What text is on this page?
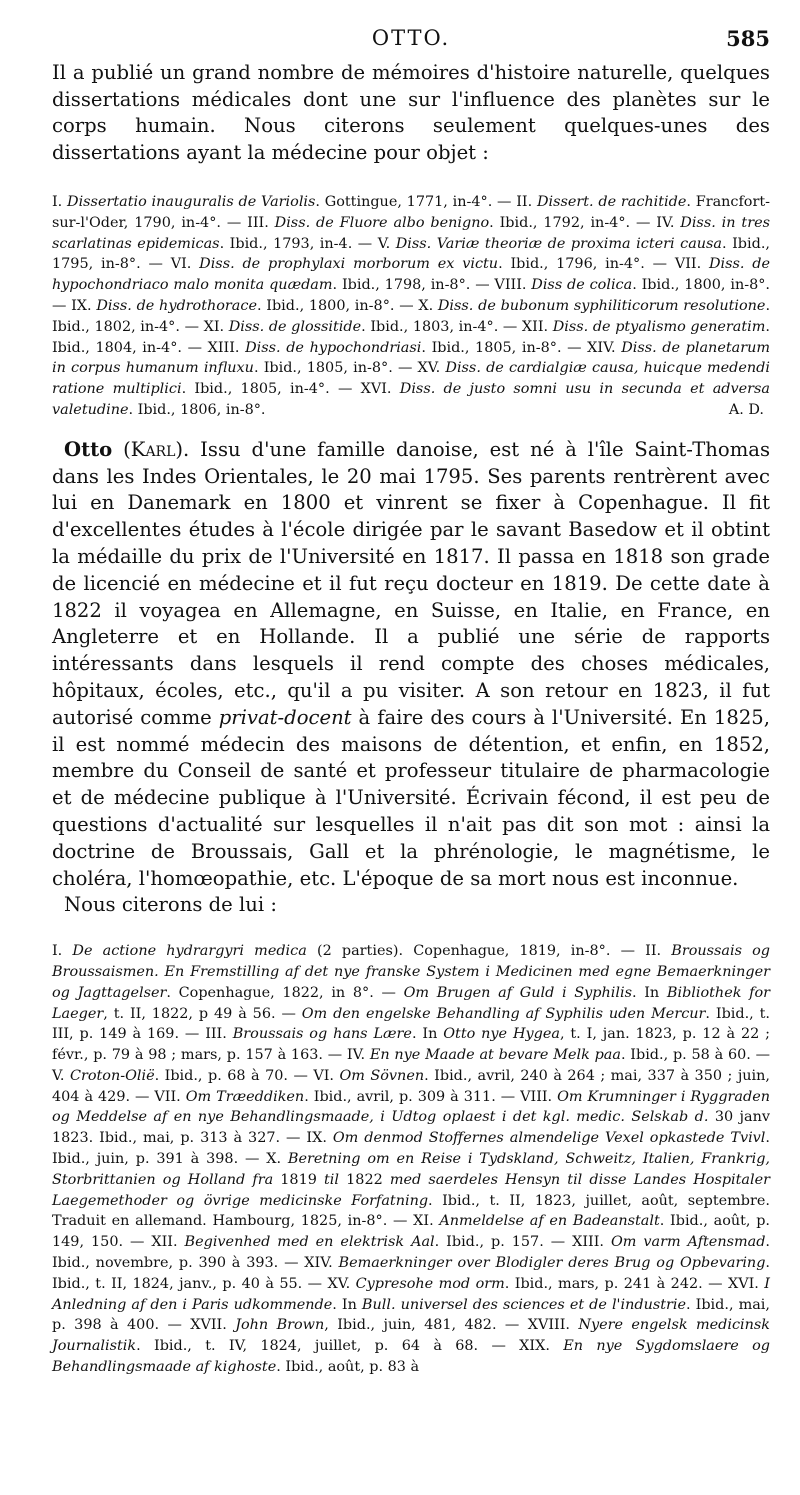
OTTO.	585

Il a publié un grand nombre de mémoires d'histoire naturelle, quelques dissertations médicales dont une sur l'influence des planètes sur le corps humain. Nous citerons seulement quelques-unes des dissertations ayant la médecine pour objet :

I. Dissertatio inauguralis de Variolis. Gottingue, 1771, in-4°. — II. Dissert. de rachitide. Francfort-sur-l'Oder, 1790, in-4°. — III. Diss. de Fluore albo benigno. Ibid., 1792, in-4°. — IV. Diss. in tres scarlatinas epidemicas. Ibid., 1793, in-4. — V. Diss. Variæ theoriæ de proxima icteri causa. Ibid., 1795, in-8°. — VI. Diss. de prophylaxi morborum ex victu. Ibid., 1796, in-4°. — VII. Diss. de hypochondriaco malo monita quædam. Ibid., 1798, in-8°. — VIII. Diss de colica. Ibid., 1800, in-8°. — IX. Diss. de hydrothorace. Ibid., 1800, in-8°. — X. Diss. de bubonum syphiliticorum resolutione. Ibid., 1802, in-4°. — XI. Diss. de glossitide. Ibid., 1803, in-4°. — XII. Diss. de ptyalismo generatim. Ibid., 1804, in-4°. — XIII. Diss. de hypochondriasi. Ibid., 1805, in-8°. — XIV. Diss. de planetarum in corpus humanum influxu. Ibid., 1805, in-8°. — XV. Diss. de cardialgiæ causa, huicque medendi ratione multiplici. Ibid., 1805, in-4°. — XVI. Diss. de justo somni usu in secunda et adversa valetudine. Ibid., 1806, in-8°.	A. D.

Otto (Karl). Issu d'une famille danoise, est né à l'île Saint-Thomas dans les Indes Orientales, le 20 mai 1795. Ses parents rentrèrent avec lui en Danemark en 1800 et vinrent se fixer à Copenhague. Il fit d'excellentes études à l'école dirigée par le savant Basedow et il obtint la médaille du prix de l'Université en 1817. Il passa en 1818 son grade de licencié en médecine et il fut reçu docteur en 1819. De cette date à 1822 il voyagea en Allemagne, en Suisse, en Italie, en France, en Angleterre et en Hollande. Il a publié une série de rapports intéressants dans lesquels il rend compte des choses médicales, hôpitaux, écoles, etc., qu'il a pu visiter. A son retour en 1823, il fut autorisé comme privat-docent à faire des cours à l'Université. En 1825, il est nommé médecin des maisons de détention, et enfin, en 1852, membre du Conseil de santé et professeur titulaire de pharmacologie et de médecine publique à l'Université. Écrivain fécond, il est peu de questions d'actualité sur lesquelles il n'ait pas dit son mot : ainsi la doctrine de Broussais, Gall et la phrénologie, le magnétisme, le choléra, l'homœopathie, etc. L'époque de sa mort nous est inconnue.

Nous citerons de lui :

I. De actione hydrargyri medica (2 parties). Copenhague, 1819, in-8°. — II. Broussais og Broussaismen. En Fremstilling af det nye franske System i Medicinen med egne Bemaerkninger og Jagttagelser. Copenhague, 1822, in 8°. — Om Brugen af Guld i Syphilis. In Bibliothek for Laeger, t. II, 1822, p 49 à 56. — Om den engelske Behandling af Syphilis uden Mercur. Ibid., t. III, p. 149 à 169. — III. Broussais og hans Lære. In Otto nye Hygea, t. I, jan. 1823, p. 12 à 22 ; févr., p. 79 à 98 ; mars, p. 157 à 163. — IV. En nye Maade at bevare Melk paa. Ibid., p. 58 à 60. — V. Croton-Olië. Ibid., p. 68 à 70. — VI. Om Sövnen. Ibid., avril, 240 à 264 ; mai, 337 à 350 ; juin, 404 à 429. — VII. Om Træeddiken. Ibid., avril, p. 309 à 311. — VIII. Om Krumninger i Ryggraden og Meddelse af en nye Behandlingsmaade, i Udtog oplaest i det kgl. medic. Selskab d. 30 janv 1823. Ibid., mai, p. 313 à 327. — IX. Om denmod Stoffernes almendelige Vexel opkastede Tvivl. Ibid., juin, p. 391 à 398. — X. Beretning om en Reise i Tydskland, Schweitz, Italien, Frankrig, Storbrittanien og Holland fra 1819 til 1822 med saerdeles Hensyn til disse Landes Hospitaler Laegemethoder og övrige medicinske Forfatning. Ibid., t. II, 1823, juillet, août, septembre. Traduit en allemand. Hambourg, 1825, in-8°. — XI. Anmeldelse af en Badeanstalt. Ibid., août, p. 149, 150. — XII. Begivenhed med en elektrisk Aal. Ibid., p. 157. — XIII. Om varm Aftensmad. Ibid., novembre, p. 390 à 393. — XIV. Bemaerkninger over Blodigler deres Brug og Opbevaring. Ibid., t. II, 1824, janv., p. 40 à 55. — XV. Cypresohe mod orm. Ibid., mars, p. 241 à 242. — XVI. I Anledning af den i Paris udkommende. In Bull. universel des sciences et de l'industrie. Ibid., mai, p. 398 à 400. — XVII. John Brown, Ibid., juin, 481, 482. — XVIII. Nyere engelsk medicinsk Journalistik. Ibid., t. IV, 1824, juillet, p. 64 à 68. — XIX. En nye Sygdomslaere og Behandlingsmaade af kighoste. Ibid., août, p. 83 à
